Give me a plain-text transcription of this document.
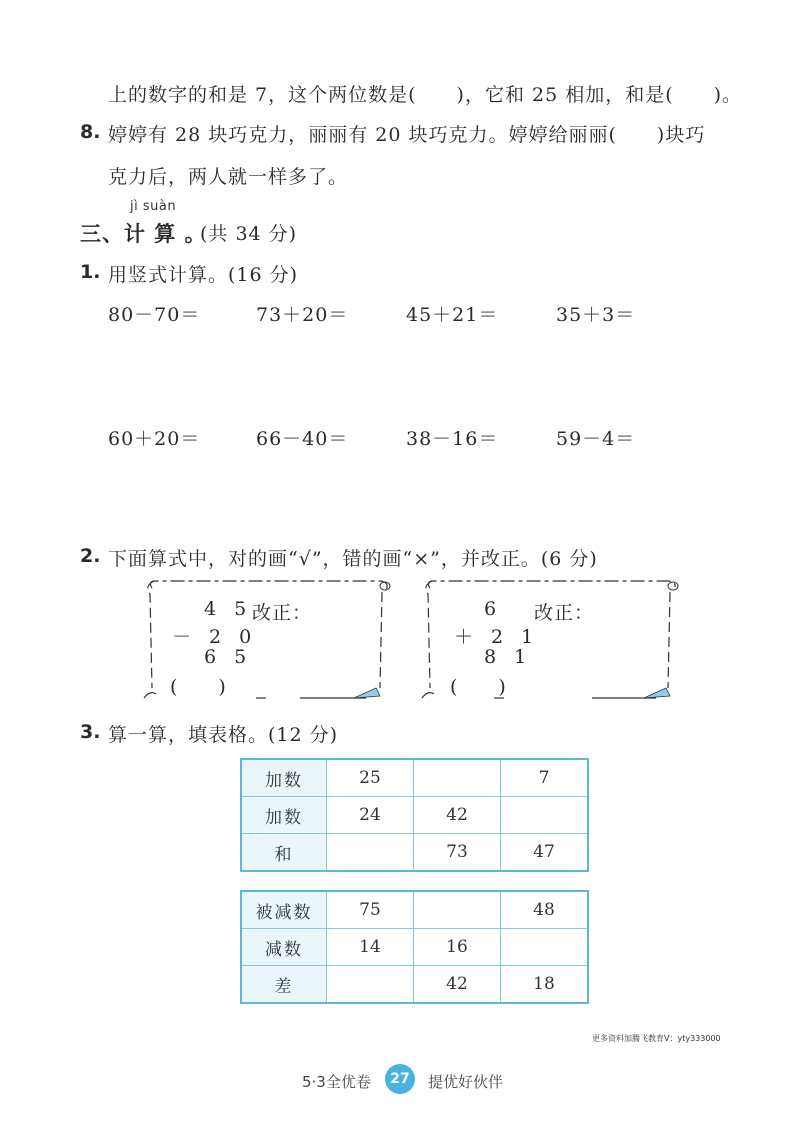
上的数字的和是 7，这个两位数是(　　)，它和 25 相加，和是(　　)。
8. 婷婷有 28 块巧克力，丽丽有 20 块巧克力。婷婷给丽丽(　　)块巧
克力后，两人就一样多了。
jì suàn
三、计 算 。
(共 34 分)
1. 用竖式计算。(16 分)
80－70＝	73＋20＝	45＋21＝	35＋3＝
60＋20＝	66－40＝	38－16＝	59－4＝
2. 下面算式中，对的画“√”，错的画“×”，并改正。(6 分)
4 5
－ 2 0
6 5
改正：
(　　)
6
＋ 2 1
8 1
改正：
(　　)
3. 算一算，填表格。(12 分)
加数	25		7
加数	24	42	
和		73	47
被减数	75		48
减数	14	16	
差		42	18
更多资料加腾飞教育V：yty333000
5·3全优卷	27	提优好伙伴
